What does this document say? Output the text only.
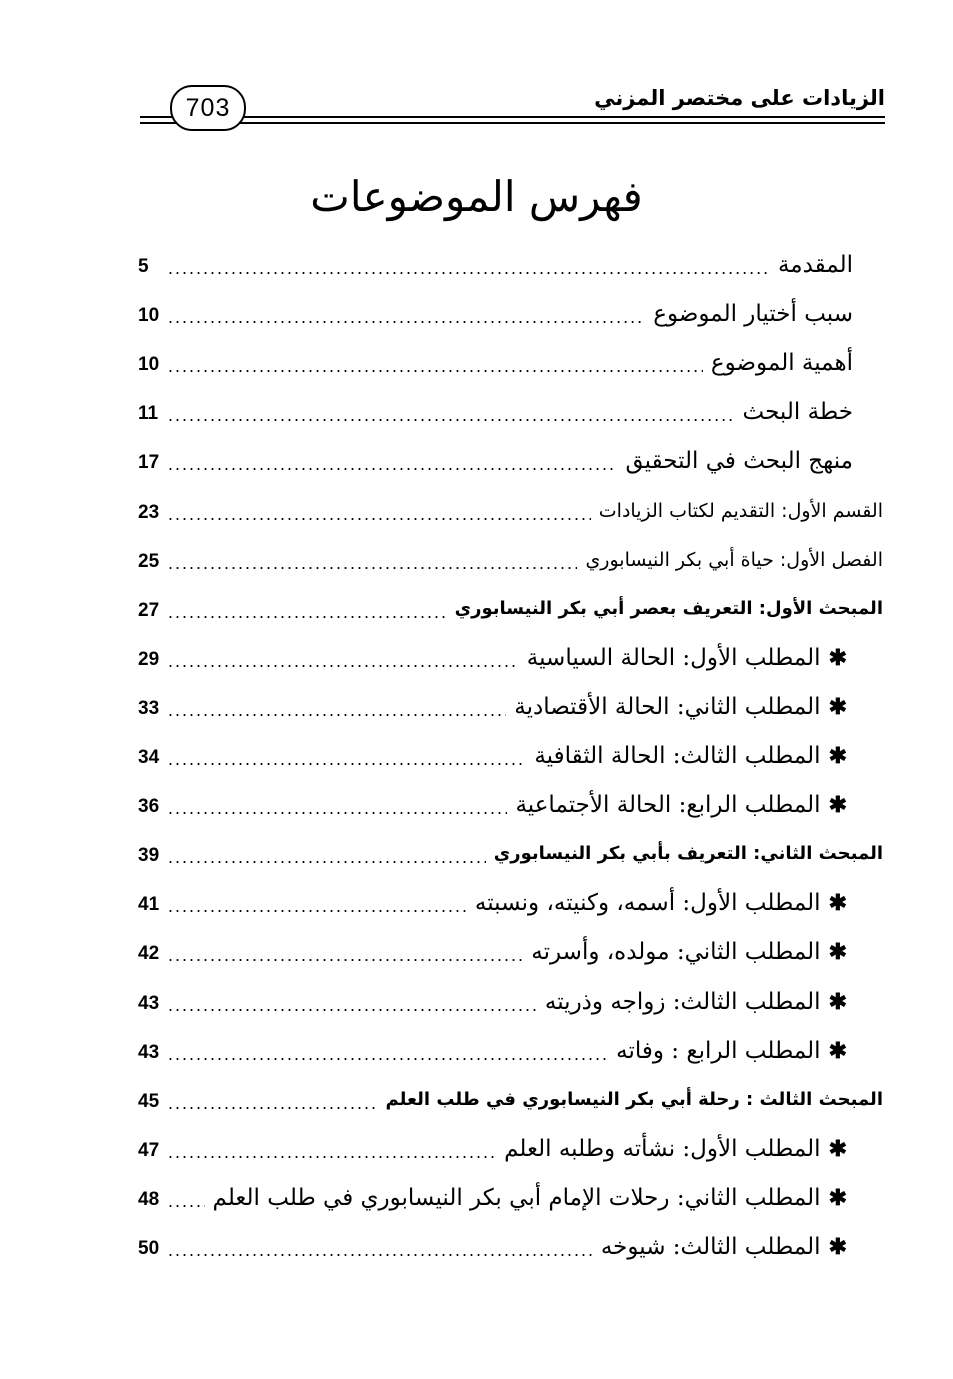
703	الزيادات على مختصر المزني
فهرس الموضوعات
المقدمة
.....
5
سبب أختيار الموضوع
.....
10
أهمية الموضوع
.....
10
خطة البحث
.....
11
منهج البحث في التحقيق
.....
17
القسم الأول: التقديم لكتاب الزيادات
.....
23
الفصل الأول: حياة أبي بكر النيسابوري
.....
25
المبحث الأول: التعريف بعصر أبي بكر النيسابوري
.....
27
✱المطلب الأول: الحالة السياسية
.....
29
✱المطلب الثاني: الحالة الأقتصادية
.....
33
✱المطلب الثالث: الحالة الثقافية
.....
34
✱المطلب الرابع: الحالة الأجتماعية
.....
36
المبحث الثاني: التعريف بأبي بكر النيسابوري
.....
39
✱المطلب الأول: أسمه، وكنيته، ونسبته
.....
41
✱المطلب الثاني: مولده، وأسرته
.....
42
✱المطلب الثالث: زواجه وذريته
.....
43
✱المطلب الرابع : وفاته
.....
43
المبحث الثالث : رحلة أبي بكر النيسابوري في طلب العلم
.....
45
✱المطلب الأول: نشأته وطلبه العلم
.....
47
✱المطلب الثاني: رحلات الإمام أبي بكر النيسابوري في طلب العلم
.....
48
✱المطلب الثالث: شيوخه
.....
50
